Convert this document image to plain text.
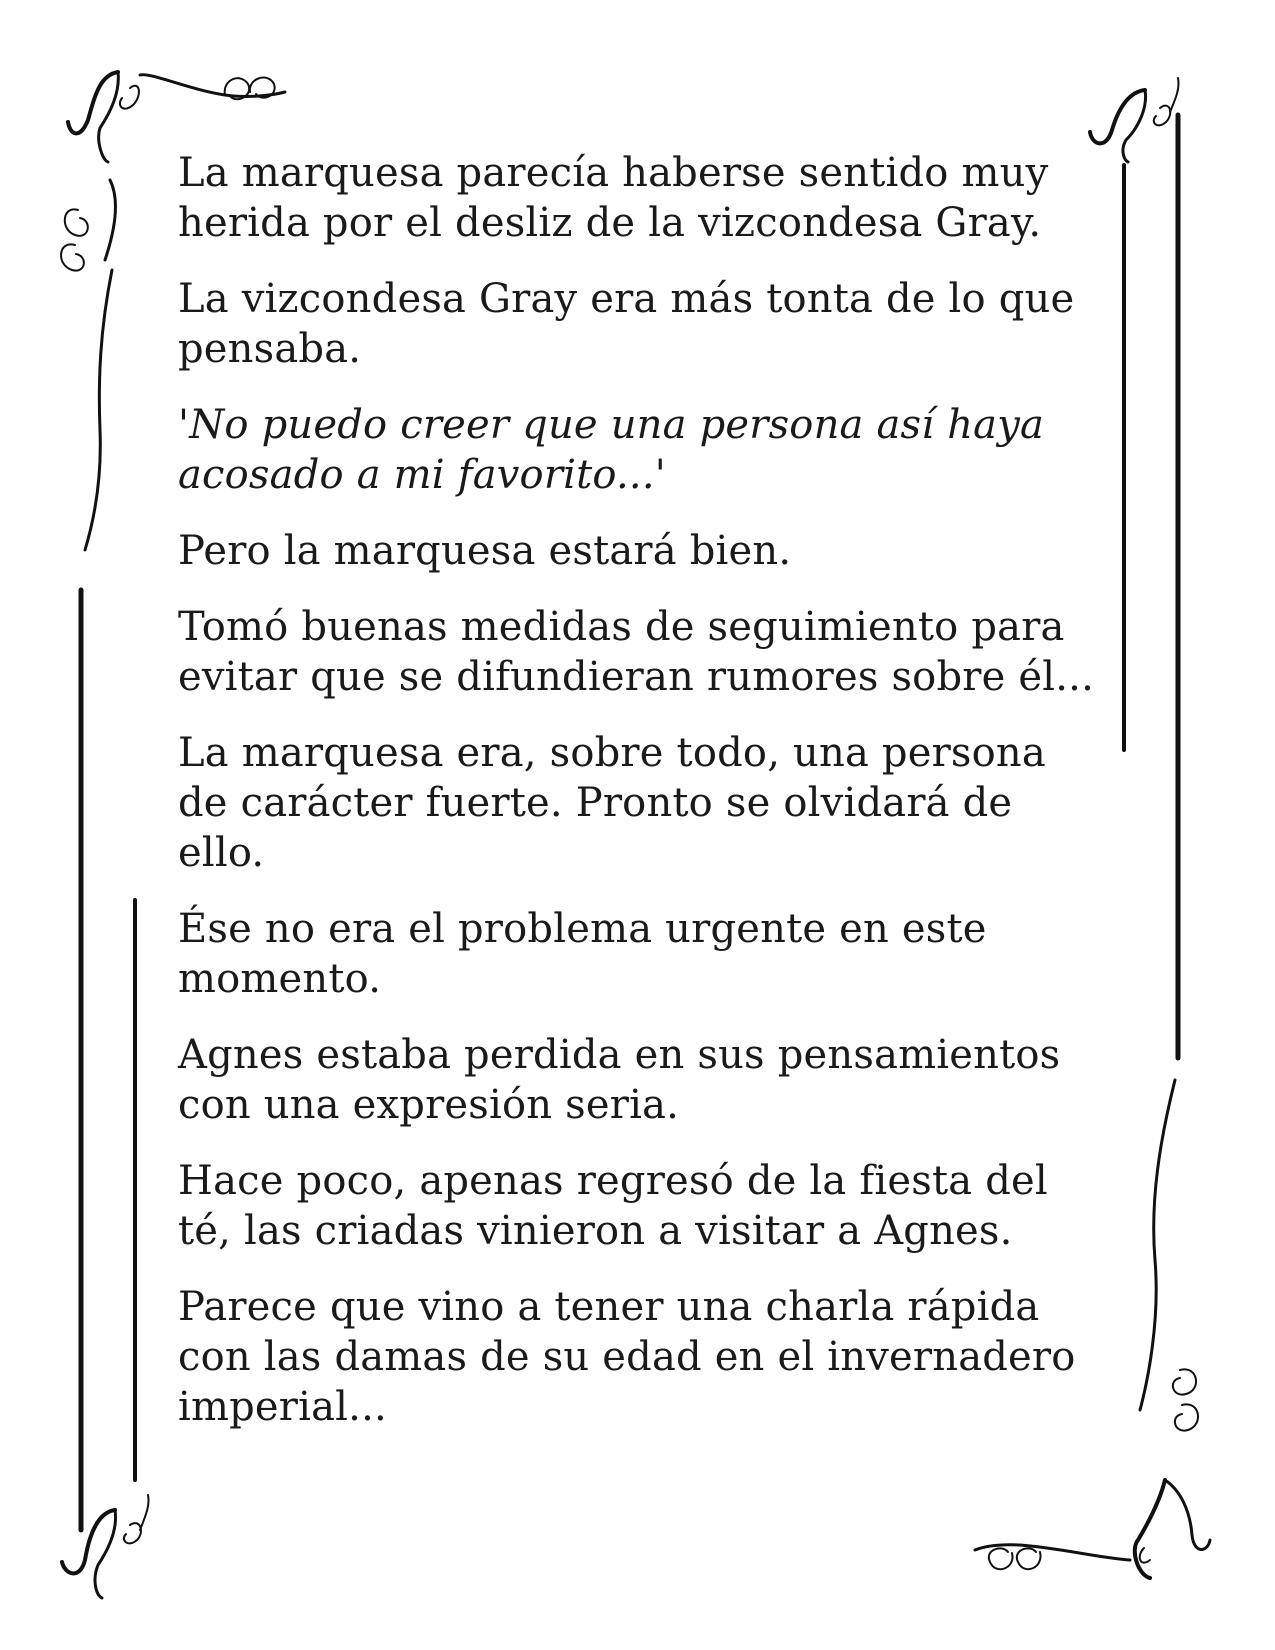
La marquesa parecía haberse sentido muy herida por el desliz de la vizcondesa Gray.

La vizcondesa Gray era más tonta de lo que pensaba.

'No puedo creer que una persona así haya acosado a mi favorito...'

Pero la marquesa estará bien.

Tomó buenas medidas de seguimiento para evitar que se difundieran rumores sobre él...

La marquesa era, sobre todo, una persona de carácter fuerte. Pronto se olvidará de ello.

Ése no era el problema urgente en este momento.

Agnes estaba perdida en sus pensamientos con una expresión seria.

Hace poco, apenas regresó de la fiesta del té, las criadas vinieron a visitar a Agnes.

Parece que vino a tener una charla rápida con las damas de su edad en el invernadero imperial...
